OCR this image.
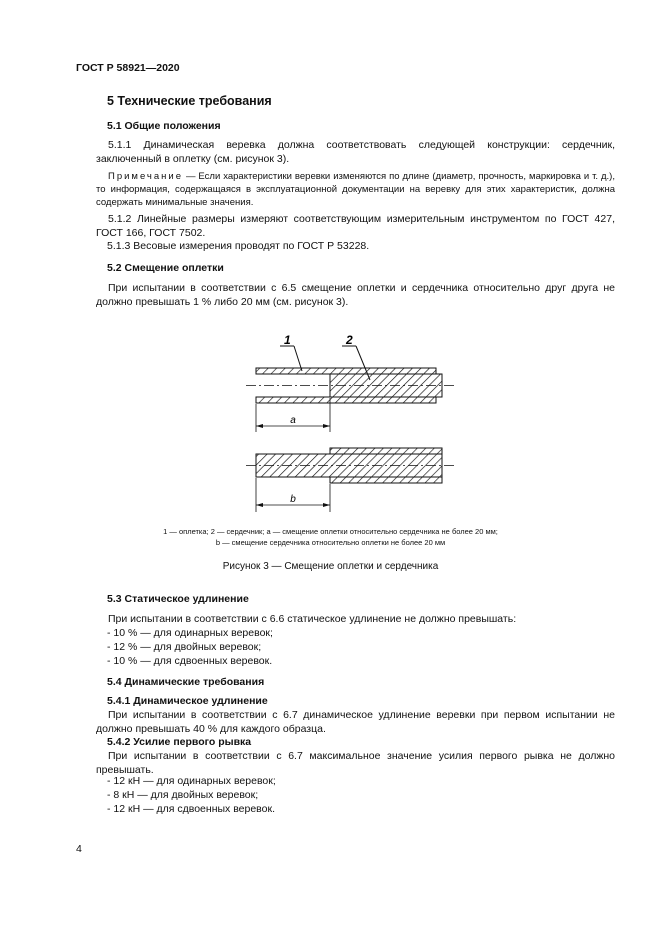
ГОСТ Р 58921—2020
5 Технические требования
5.1 Общие положения
5.1.1 Динамическая веревка должна соответствовать следующей конструкции: сердечник, заключенный в оплетку (см. рисунок 3).
Примечание — Если характеристики веревки изменяются по длине (диаметр, прочность, маркировка и т. д.), то информация, содержащаяся в эксплуатационной документации на веревку для этих характеристик, должна содержать минимальные значения.
5.1.2 Линейные размеры измеряют соответствующим измерительным инструментом по ГОСТ 427, ГОСТ 166, ГОСТ 7502.
5.1.3 Весовые измерения проводят по ГОСТ Р 53228.
5.2 Смещение оплетки
При испытании в соответствии с 6.5 смещение оплетки и сердечника относительно друг друга не должно превышать 1 % либо 20 мм (см. рисунок 3).
a
1	2
b
1 — оплетка; 2 — сердечник; a — смещение оплетки относительно сердечника не более 20 мм;
b — смещение сердечника относительно оплетки не более 20 мм
Рисунок 3 — Смещение оплетки и сердечника
5.3 Статическое удлинение
При испытании в соответствии с 6.6 статическое удлинение не должно превышать:
- 10 % — для одинарных веревок;
- 12 % — для двойных веревок;
- 10 % — для сдвоенных веревок.
5.4 Динамические требования
5.4.1 Динамическое удлинение
При испытании в соответствии с 6.7 динамическое удлинение веревки при первом испытании не должно превышать 40 % для каждого образца.
5.4.2 Усилие первого рывка
При испытании в соответствии с 6.7 максимальное значение усилия первого рывка не должно превышать.
- 12 кН — для одинарных веревок;
- 8 кН — для двойных веревок;
- 12 кН — для сдвоенных веревок.
4
